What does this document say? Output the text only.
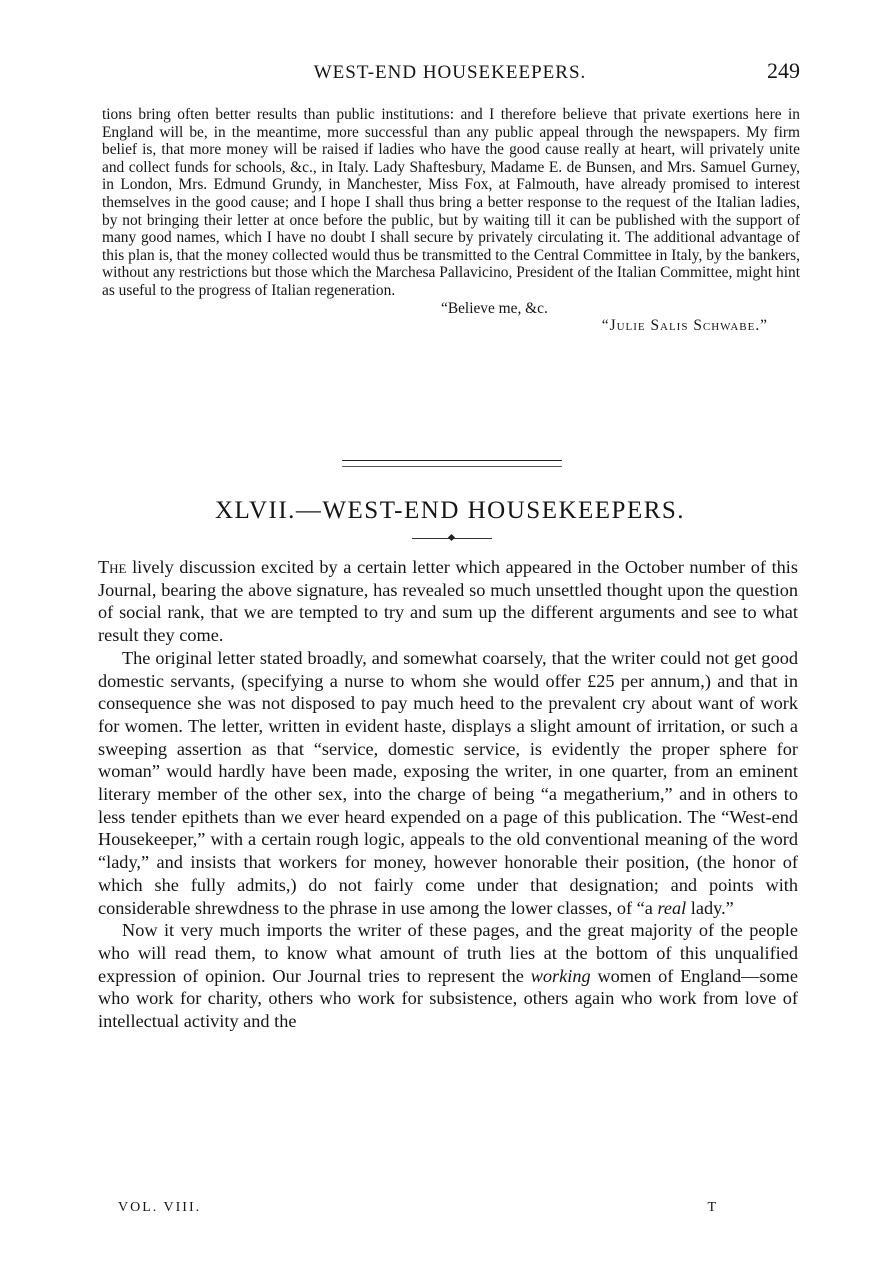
WEST-END HOUSEKEEPERS.	249

tions bring often better results than public institutions: and I therefore believe that private exertions here in England will be, in the meantime, more successful than any public appeal through the newspapers. My firm belief is, that more money will be raised if ladies who have the good cause really at heart, will privately unite and collect funds for schools, &c., in Italy. Lady Shaftesbury, Madame E. de Bunsen, and Mrs. Samuel Gurney, in London, Mrs. Edmund Grundy, in Manchester, Miss Fox, at Falmouth, have already promised to interest themselves in the good cause; and I hope I shall thus bring a better response to the request of the Italian ladies, by not bringing their letter at once before the public, but by waiting till it can be published with the support of many good names, which I have no doubt I shall secure by privately circulating it. The additional advantage of this plan is, that the money collected would thus be transmitted to the Central Committee in Italy, by the bankers, without any restrictions but those which the Marchesa Pallavicino, President of the Italian Committee, might hint as useful to the progress of Italian regeneration.
“Believe me, &c.
“Julie Salis Schwabe.”

XLVII.—WEST-END HOUSEKEEPERS.

The lively discussion excited by a certain letter which appeared in the October number of this Journal, bearing the above signature, has revealed so much unsettled thought upon the question of social rank, that we are tempted to try and sum up the different arguments and see to what result they come.

The original letter stated broadly, and somewhat coarsely, that the writer could not get good domestic servants, (specifying a nurse to whom she would offer £25 per annum,) and that in consequence she was not disposed to pay much heed to the prevalent cry about want of work for women. The letter, written in evident haste, displays a slight amount of irritation, or such a sweeping assertion as that “service, domestic service, is evidently the proper sphere for woman” would hardly have been made, exposing the writer, in one quarter, from an eminent literary member of the other sex, into the charge of being “a megatherium,” and in others to less tender epithets than we ever heard expended on a page of this publication. The “West-end Housekeeper,” with a certain rough logic, appeals to the old conventional meaning of the word “lady,” and insists that workers for money, however honorable their position, (the honor of which she fully admits,) do not fairly come under that designation; and points with considerable shrewdness to the phrase in use among the lower classes, of “a real lady.”

Now it very much imports the writer of these pages, and the great majority of the people who will read them, to know what amount of truth lies at the bottom of this unqualified expression of opinion. Our Journal tries to represent the working women of England—some who work for charity, others who work for subsistence, others again who work from love of intellectual activity and the

VOL. VIII.	T
